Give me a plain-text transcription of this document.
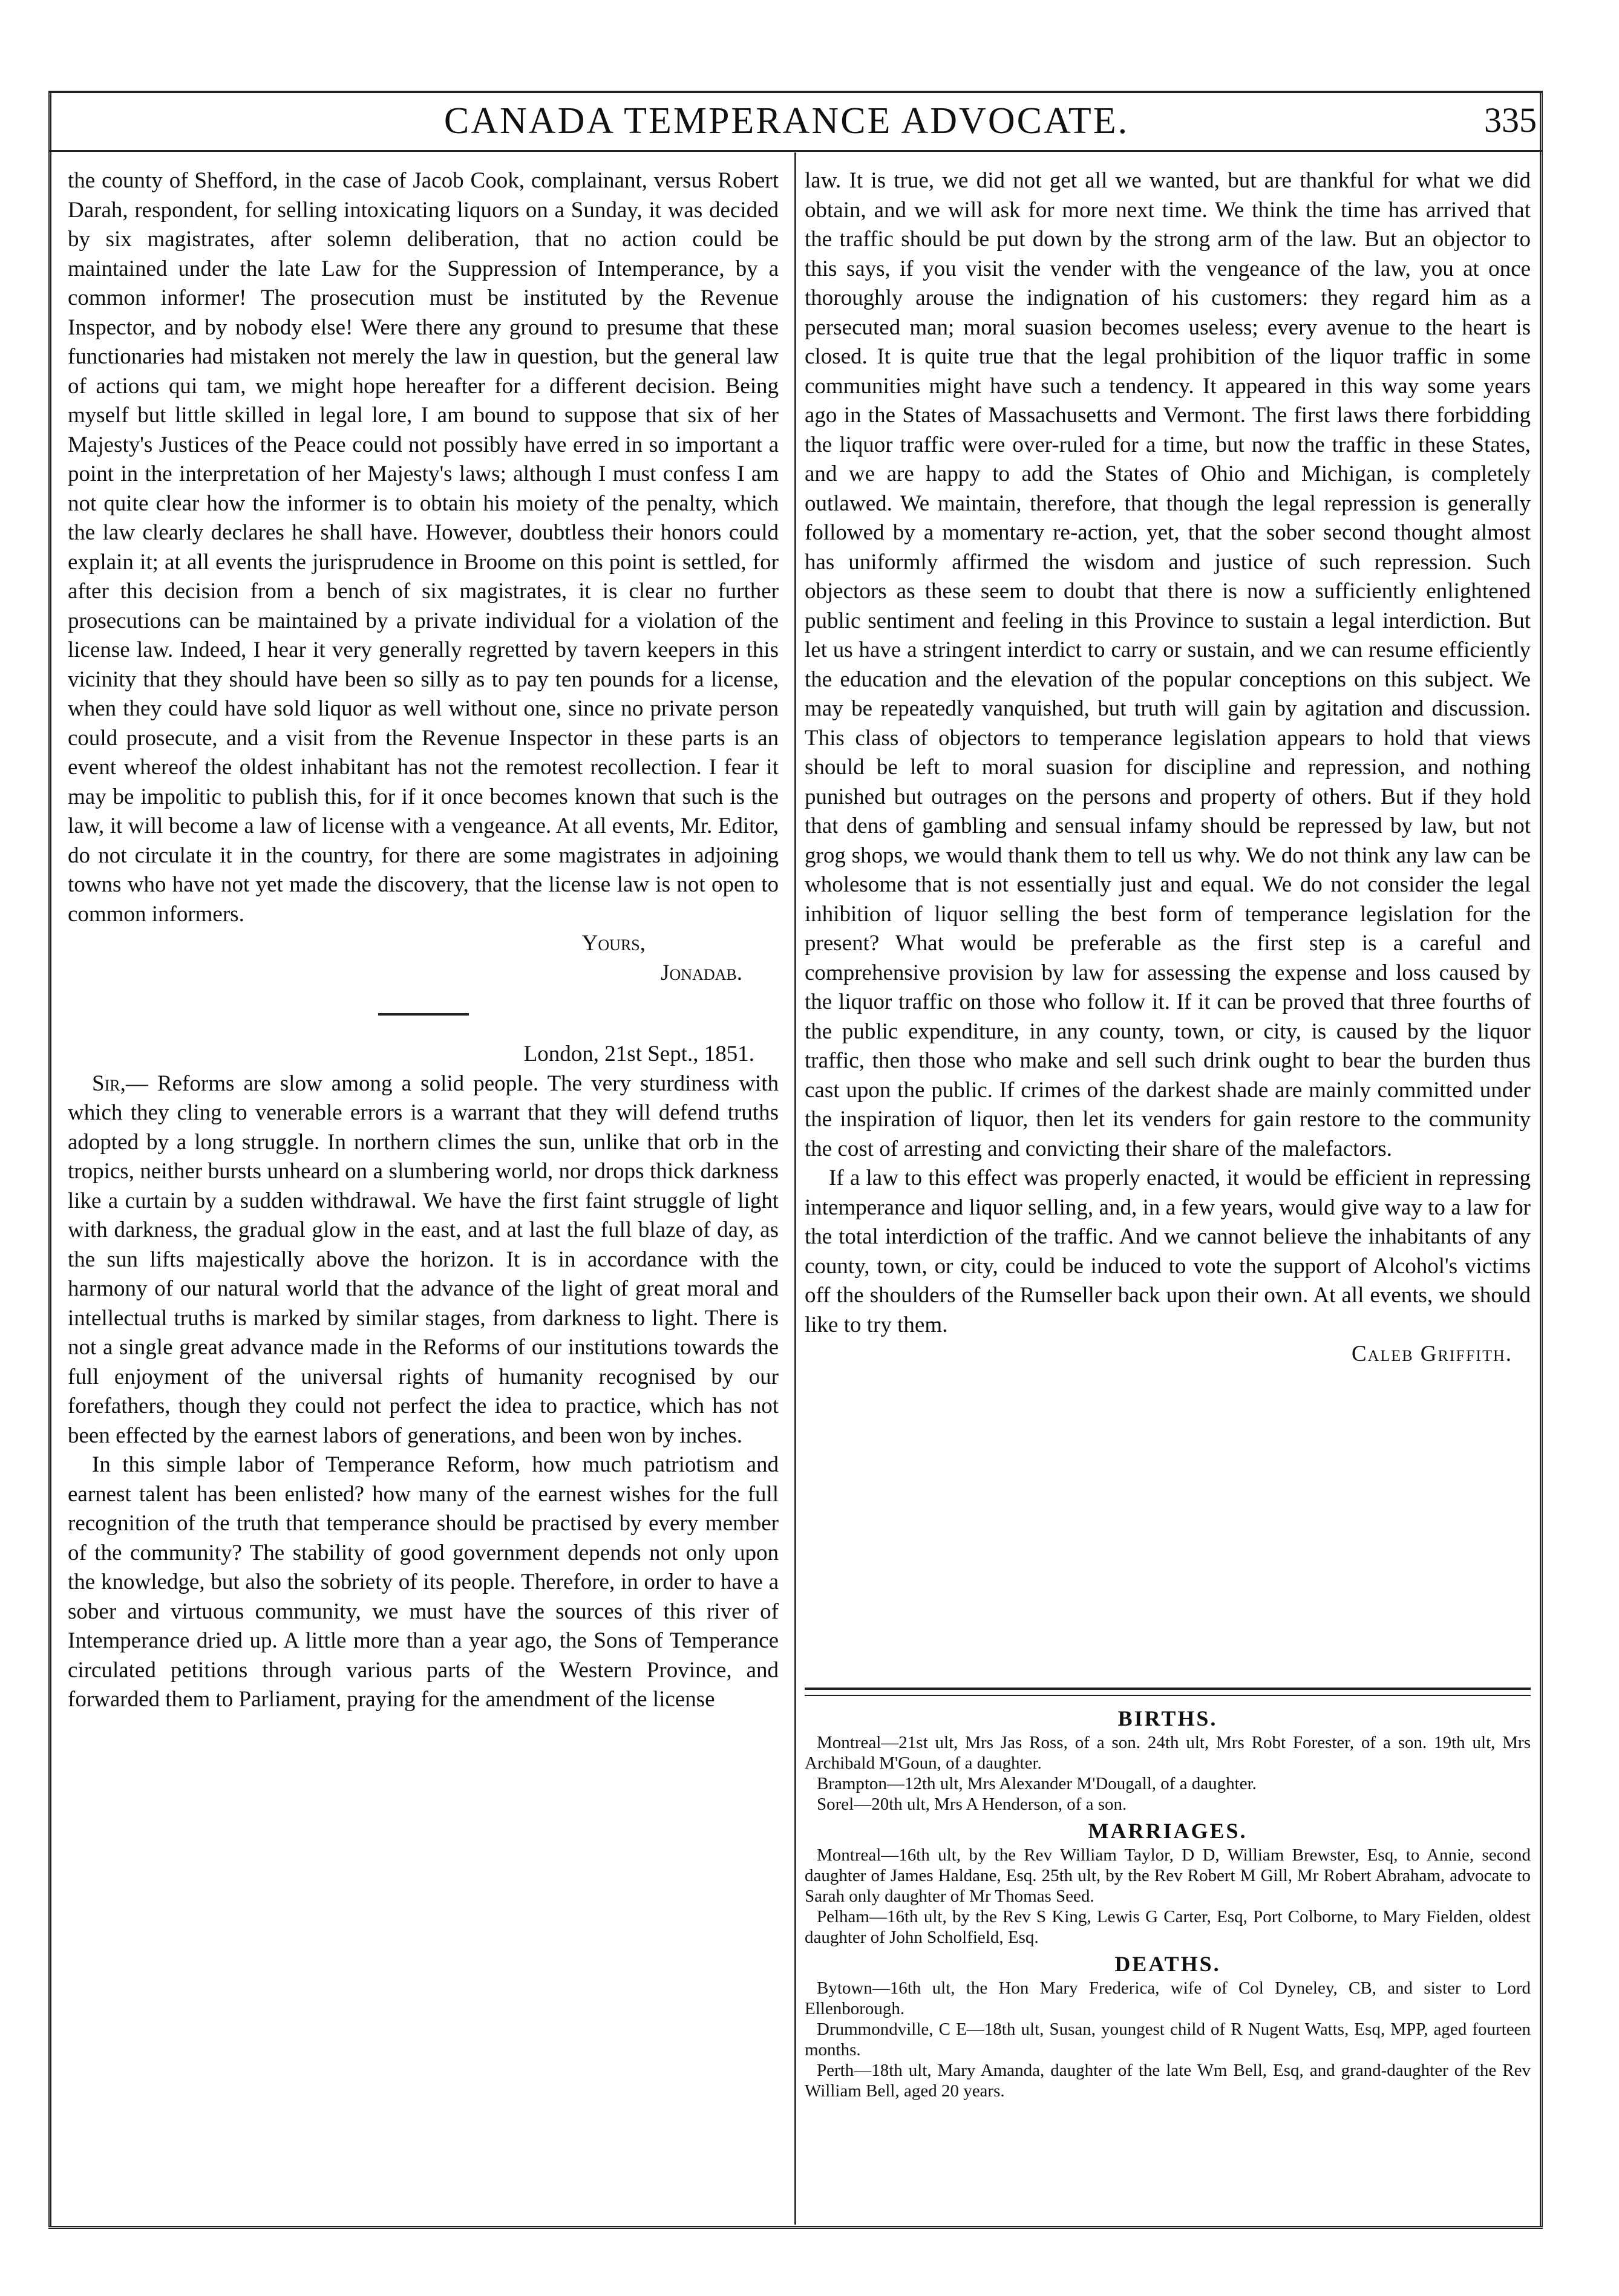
CANADA TEMPERANCE ADVOCATE.	335

the county of Shefford, in the case of Jacob Cook, complainant, versus Robert Darah, respondent, for selling intoxicating liquors on a Sunday, it was decided by six magistrates, after solemn deliberation, that no action could be maintained under the late Law for the Suppression of Intemperance, by a common informer! The prosecution must be instituted by the Revenue Inspector, and by nobody else! Were there any ground to presume that these functionaries had mistaken not merely the law in question, but the general law of actions qui tam, we might hope hereafter for a different decision. Being myself but little skilled in legal lore, I am bound to suppose that six of her Majesty's Justices of the Peace could not possibly have erred in so important a point in the interpretation of her Majesty's laws; although I must confess I am not quite clear how the informer is to obtain his moiety of the penalty, which the law clearly declares he shall have. However, doubtless their honors could explain it; at all events the jurisprudence in Broome on this point is settled, for after this decision from a bench of six magistrates, it is clear no further prosecutions can be maintained by a private individual for a violation of the license law. Indeed, I hear it very generally regretted by tavern keepers in this vicinity that they should have been so silly as to pay ten pounds for a license, when they could have sold liquor as well without one, since no private person could prosecute, and a visit from the Revenue Inspector in these parts is an event whereof the oldest inhabitant has not the remotest recollection. I fear it may be impolitic to publish this, for if it once becomes known that such is the law, it will become a law of license with a vengeance. At all events, Mr. Editor, do not circulate it in the country, for there are some magistrates in adjoining towns who have not yet made the discovery, that the license law is not open to common informers.

Yours,

Jonadab.

London, 21st Sept., 1851.

Sir,— Reforms are slow among a solid people. The very sturdiness with which they cling to venerable errors is a warrant that they will defend truths adopted by a long struggle. In northern climes the sun, unlike that orb in the tropics, neither bursts unheard on a slumbering world, nor drops thick darkness like a curtain by a sudden withdrawal. We have the first faint struggle of light with darkness, the gradual glow in the east, and at last the full blaze of day, as the sun lifts majestically above the horizon. It is in accordance with the harmony of our natural world that the advance of the light of great moral and intellectual truths is marked by similar stages, from darkness to light. There is not a single great advance made in the Reforms of our institutions towards the full enjoyment of the universal rights of humanity recognised by our forefathers, though they could not perfect the idea to practice, which has not been effected by the earnest labors of generations, and been won by inches.

In this simple labor of Temperance Reform, how much patriotism and earnest talent has been enlisted? how many of the earnest wishes for the full recognition of the truth that temperance should be practised by every member of the community? The stability of good government depends not only upon the knowledge, but also the sobriety of its people. Therefore, in order to have a sober and virtuous community, we must have the sources of this river of Intemperance dried up. A little more than a year ago, the Sons of Temperance circulated petitions through various parts of the Western Province, and forwarded them to Parliament, praying for the amendment of the license

law. It is true, we did not get all we wanted, but are thankful for what we did obtain, and we will ask for more next time. We think the time has arrived that the traffic should be put down by the strong arm of the law. But an objector to this says, if you visit the vender with the vengeance of the law, you at once thoroughly arouse the indignation of his customers: they regard him as a persecuted man; moral suasion becomes useless; every avenue to the heart is closed. It is quite true that the legal prohibition of the liquor traffic in some communities might have such a tendency. It appeared in this way some years ago in the States of Massachusetts and Vermont. The first laws there forbidding the liquor traffic were over-ruled for a time, but now the traffic in these States, and we are happy to add the States of Ohio and Michigan, is completely outlawed. We maintain, therefore, that though the legal repression is generally followed by a momentary re-action, yet, that the sober second thought almost has uniformly affirmed the wisdom and justice of such repression. Such objectors as these seem to doubt that there is now a sufficiently enlightened public sentiment and feeling in this Province to sustain a legal interdiction. But let us have a stringent interdict to carry or sustain, and we can resume efficiently the education and the elevation of the popular conceptions on this subject. We may be repeatedly vanquished, but truth will gain by agitation and discussion. This class of objectors to temperance legislation appears to hold that views should be left to moral suasion for discipline and repression, and nothing punished but outrages on the persons and property of others. But if they hold that dens of gambling and sensual infamy should be repressed by law, but not grog shops, we would thank them to tell us why. We do not think any law can be wholesome that is not essentially just and equal. We do not consider the legal inhibition of liquor selling the best form of temperance legislation for the present? What would be preferable as the first step is a careful and comprehensive provision by law for assessing the expense and loss caused by the liquor traffic on those who follow it. If it can be proved that three fourths of the public expenditure, in any county, town, or city, is caused by the liquor traffic, then those who make and sell such drink ought to bear the burden thus cast upon the public. If crimes of the darkest shade are mainly committed under the inspiration of liquor, then let its venders for gain restore to the community the cost of arresting and convicting their share of the malefactors.

If a law to this effect was properly enacted, it would be efficient in repressing intemperance and liquor selling, and, in a few years, would give way to a law for the total interdiction of the traffic. And we cannot believe the inhabitants of any county, town, or city, could be induced to vote the support of Alcohol's victims off the shoulders of the Rumseller back upon their own. At all events, we should like to try them.

Caleb Griffith.

BIRTHS.

Montreal—21st ult, Mrs Jas Ross, of a son. 24th ult, Mrs Robt Forester, of a son. 19th ult, Mrs Archibald M'Goun, of a daughter.

Brampton—12th ult, Mrs Alexander M'Dougall, of a daughter.

Sorel—20th ult, Mrs A Henderson, of a son.

MARRIAGES.

Montreal—16th ult, by the Rev William Taylor, D D, William Brewster, Esq, to Annie, second daughter of James Haldane, Esq. 25th ult, by the Rev Robert M Gill, Mr Robert Abraham, advocate to Sarah only daughter of Mr Thomas Seed.

Pelham—16th ult, by the Rev S King, Lewis G Carter, Esq, Port Colborne, to Mary Fielden, oldest daughter of John Scholfield, Esq.

DEATHS.

Bytown—16th ult, the Hon Mary Frederica, wife of Col Dyneley, CB, and sister to Lord Ellenborough.

Drummondville, C E—18th ult, Susan, youngest child of R Nugent Watts, Esq, MPP, aged fourteen months.

Perth—18th ult, Mary Amanda, daughter of the late Wm Bell, Esq, and grand-daughter of the Rev William Bell, aged 20 years.
